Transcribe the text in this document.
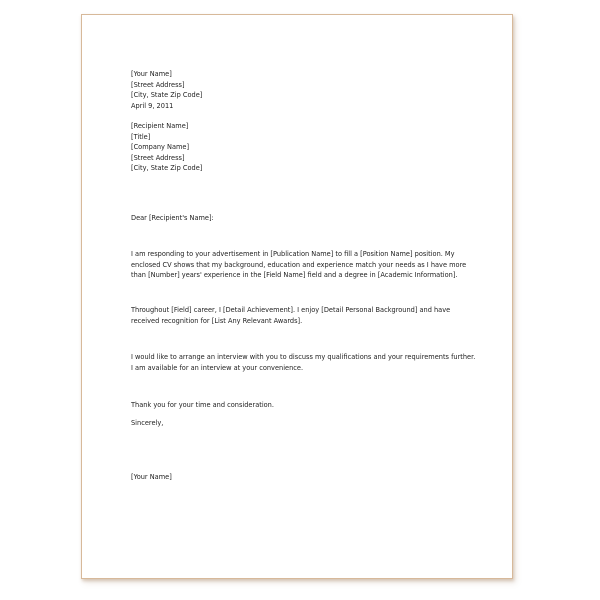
[Your Name]
[Street Address]
[City, State Zip Code]
April 9, 2011
[Recipient Name]
[Title]
[Company Name]
[Street Address]
[City, State Zip Code]
Dear [Recipient's Name]:
I am responding to your advertisement in [Publication Name] to fill a [Position Name] position. My
enclosed CV shows that my background, education and experience match your needs as I have more
than [Number] years' experience in the [Field Name] field and a degree in [Academic Information].
Throughout [Field] career, I [Detail Achievement]. I enjoy [Detail Personal Background] and have
received recognition for [List Any Relevant Awards].
I would like to arrange an interview with you to discuss my qualifications and your requirements further.
I am available for an interview at your convenience.
Thank you for your time and consideration.
Sincerely,
[Your Name]
